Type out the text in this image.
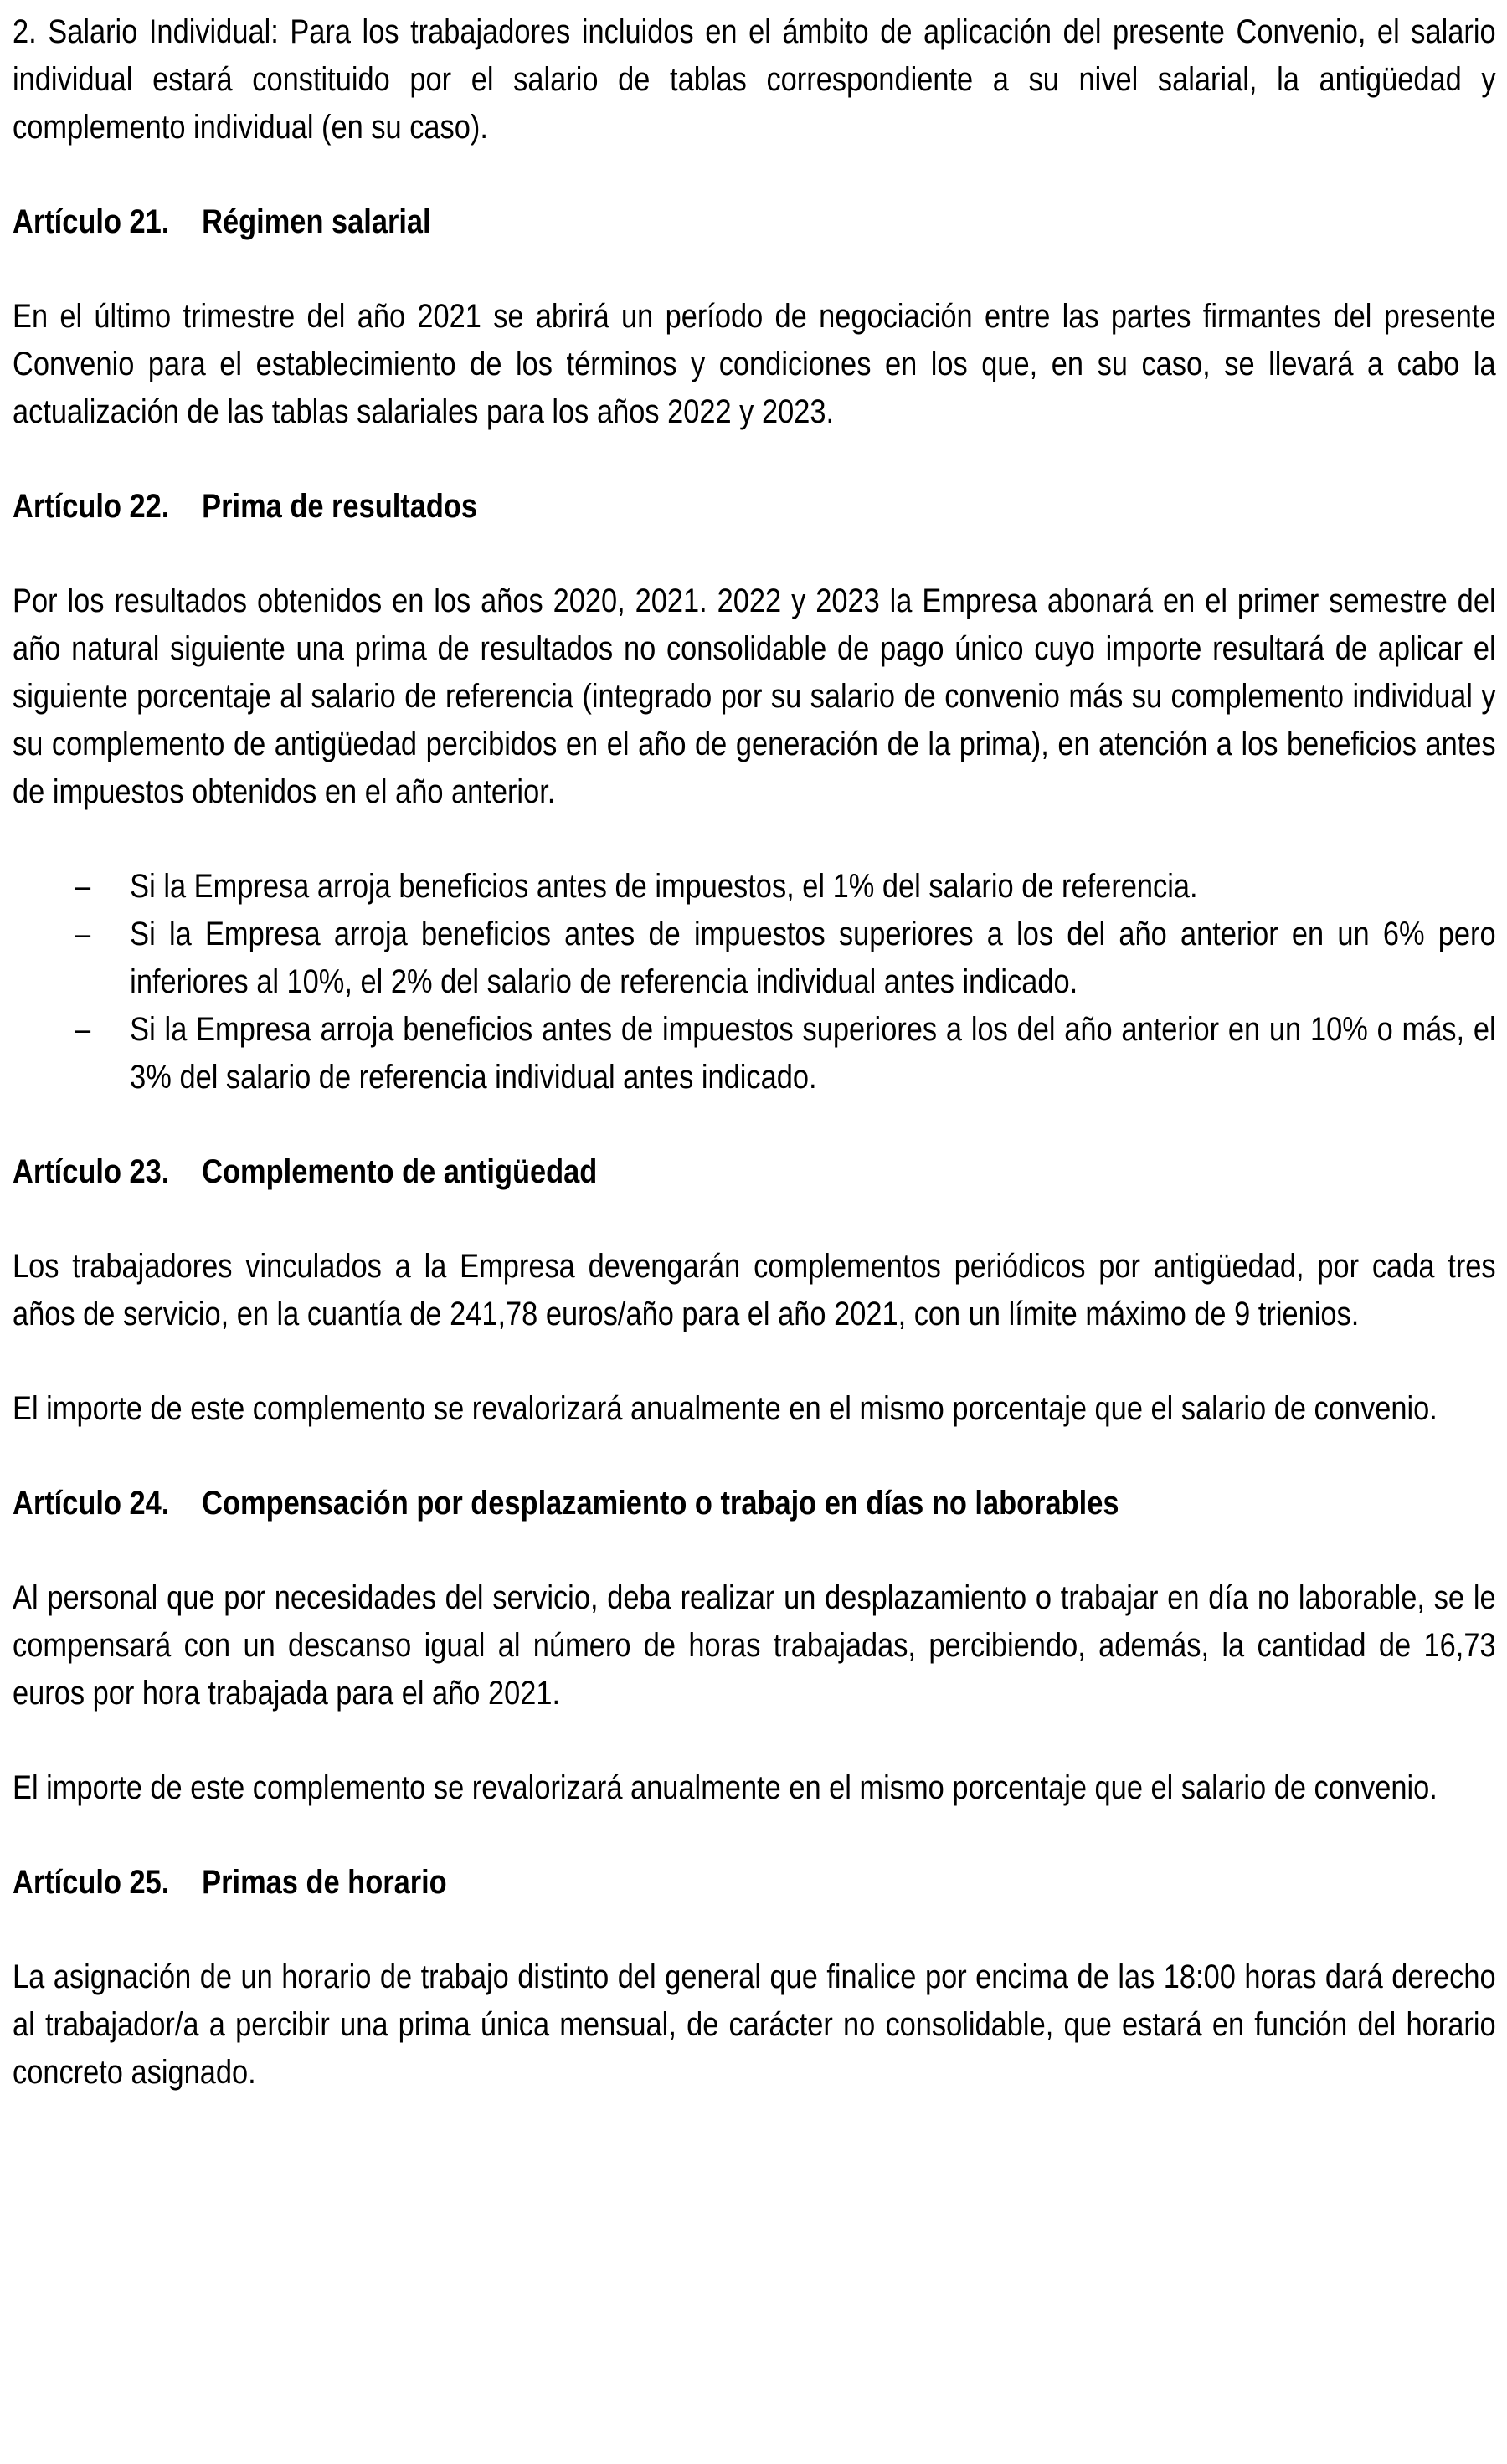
2. Salario Individual: Para los trabajadores incluidos en el ámbito de aplicación del presente Convenio, el salario individual estará constituido por el salario de tablas correspondiente a su nivel salarial, la antigüedad y complemento individual (en su caso).

Artículo 21. Régimen salarial

En el último trimestre del año 2021 se abrirá un período de negociación entre las partes firmantes del presente Convenio para el establecimiento de los términos y condiciones en los que, en su caso, se llevará a cabo la actualización de las tablas salariales para los años 2022 y 2023.

Artículo 22. Prima de resultados

Por los resultados obtenidos en los años 2020, 2021. 2022 y 2023 la Empresa abonará en el primer semestre del año natural siguiente una prima de resultados no consolidable de pago único cuyo importe resultará de aplicar el siguiente porcentaje al salario de referencia (integrado por su salario de convenio más su complemento individual y su complemento de antigüedad percibidos en el año de generación de la prima), en atención a los beneficios antes de impuestos obtenidos en el año anterior.

– Si la Empresa arroja beneficios antes de impuestos, el 1% del salario de referencia.
– Si la Empresa arroja beneficios antes de impuestos superiores a los del año anterior en un 6% pero inferiores al 10%, el 2% del salario de referencia individual antes indicado.
– Si la Empresa arroja beneficios antes de impuestos superiores a los del año anterior en un 10% o más, el 3% del salario de referencia individual antes indicado.
Artículo 23. Complemento de antigüedad

Los trabajadores vinculados a la Empresa devengarán complementos periódicos por antigüedad, por cada tres años de servicio, en la cuantía de 241,78 euros/año para el año 2021, con un límite máximo de 9 trienios.

El importe de este complemento se revalorizará anualmente en el mismo porcentaje que el salario de convenio.

Artículo 24. Compensación por desplazamiento o trabajo en días no laborables

Al personal que por necesidades del servicio, deba realizar un desplazamiento o trabajar en día no laborable, se le compensará con un descanso igual al número de horas trabajadas, percibiendo, además, la cantidad de 16,73 euros por hora trabajada para el año 2021.

El importe de este complemento se revalorizará anualmente en el mismo porcentaje que el salario de convenio.

Artículo 25. Primas de horario

La asignación de un horario de trabajo distinto del general que finalice por encima de las 18:00 horas dará derecho al trabajador/a a percibir una prima única mensual, de carácter no consolidable, que estará en función del horario concreto asignado.
